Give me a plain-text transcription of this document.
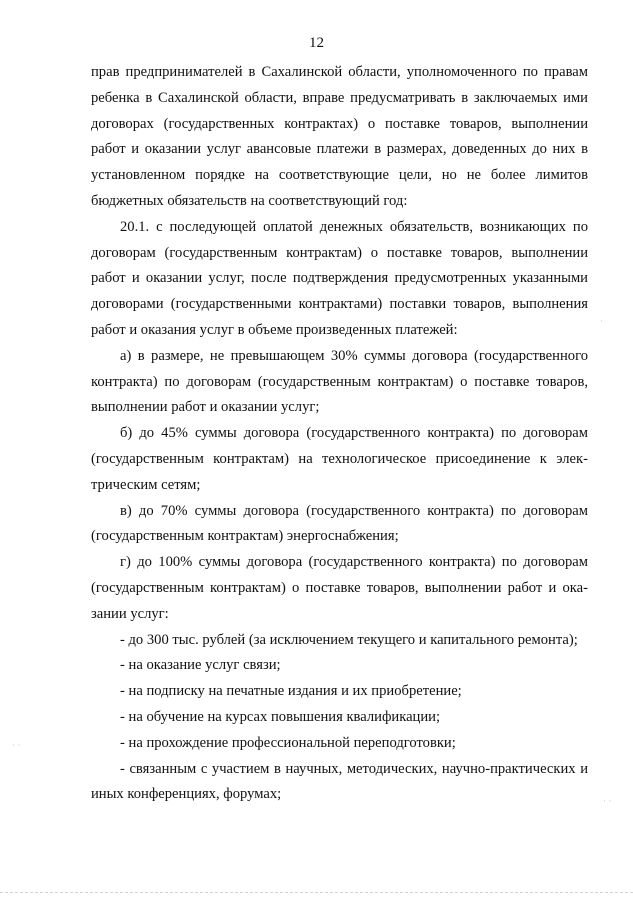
12

прав предпринимателей в Сахалинской области, уполномоченного по правам ребенка в Сахалинской области, вправе предусматривать в заключаемых ими договорах (государственных контрактах) о поставке товаров, выполнении работ и оказании услуг авансовые платежи в размерах, доведенных до них в установленном порядке на соответствующие цели, но не более лимитов бюджетных обязательств на соответствующий год:

20.1. с последующей оплатой денежных обязательств, возникающих по договорам (государственным контрактам) о поставке товаров, выполнении работ и оказании услуг, после подтверждения предусмотренных указанными договорами (государственными контрактами) поставки товаров, выполнения работ и оказания услуг в объеме произведенных платежей:

а) в размере, не превышающем 30% суммы договора (государственного контракта) по договорам (государственным контрактам) о поставке товаров, выполнении работ и оказании услуг;

б) до 45% суммы договора (государственного контракта) по договорам (государственным контрактам) на технологическое присоединение к электрическим сетям;

в) до 70% суммы договора (государственного контракта) по договорам (государственным контрактам) энергоснабжения;

г) до 100% суммы договора (государственного контракта) по договорам (государственным контрактам) о поставке товаров, выполнении работ и оказании услуг:

- до 300 тыс. рублей (за исключением текущего и капитального ремонта);

- на оказание услуг связи;

- на подписку на печатные издания и их приобретение;

- на обучение на курсах повышения квалификации;

- на прохождение профессиональной переподготовки;

- связанным с участием в научных, методических, научно-практических и иных конференциях, форумах;

· ·
·
· ·
